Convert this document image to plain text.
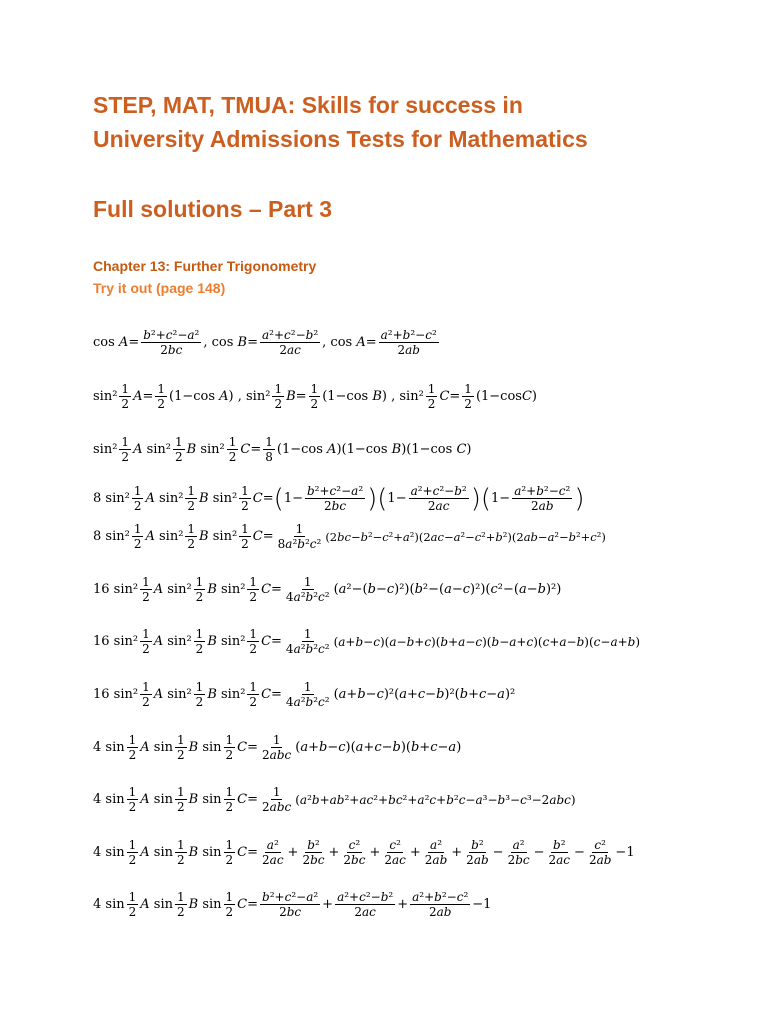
STEP, MAT, TMUA: Skills for success in
University Admissions Tests for Mathematics
Full solutions – Part 3
Chapter 13: Further Trigonometry
Try it out (page 148)
$\cos A= \frac{\text{b²+c²−a²}}{2bc}$ , $\cos B= \frac{\text{a²+c²−b²}}{2ac}$ , $\cos A= \frac{\text{a²+b²−c²}}{2ab}$
$\sin^2 \frac{1}{2} A= \frac{1}{2} (1-\cos$ A) , $\sin^2 \frac{1}{2} B= \frac{1}{2} (1-\cos$ B) , $\sin^2 \frac{1}{2} C= \frac{1}{2} (1-\cos C)$
$\sin^2 \frac{1}{2}$ A $\sin^2 \frac{1}{2}$ B $\sin^2 \frac{1}{2} C= \frac{1}{8} (1-\cos$ A)(1−cos B)(1−cos C)
8 $\sin^2 \frac{1}{2}$ A $\sin^2 \frac{1}{2}$ B $\sin^2 \frac{1}{2} C=$ ( $1- \frac{\text{b²+c²−a²}}{2bc}$ )( $1- \frac{\text{a²+c²−b²}}{2ac}$ )( $1- \frac{\text{a²+b²−c²}}{2ab}$ )
8 $\sin^2 \frac{1}{2}$ A $\sin^2 \frac{1}{2}$ B $\sin^2 \frac{1}{2} C= \frac{1}{\text{8a²b²c²}} (2bc-b^2-c^2+a^2)(2ac-a^2-c^2+b^2)(2ab-a^2-b^2+c^2)$
16 $\sin^2 \frac{1}{2}$ A $\sin^2 \frac{1}{2}$ B $\sin^2 \frac{1}{2} C= \frac{1}{\text{4a²b²c²}} (a^2-(b-c)^2)(b^2-(a-c)^2)(c^2-(a-b)^2)$
16 $\sin^2 \frac{1}{2}$ A $\sin^2 \frac{1}{2}$ B $\sin^2 \frac{1}{2} C= \frac{1}{\text{4a²b²c²}} (a+b-c)(a-b+c)(b+a-c)(b-a+c)(c+a-b)(c-a+b)$
16 $\sin^2 \frac{1}{2}$ A $\sin^2 \frac{1}{2}$ B $\sin^2 \frac{1}{2} C= \frac{1}{\text{4a²b²c²}} (a+b-c)^2(a+c-b)^2(b+c-a)^2$
4 $\sin \frac{1}{2}$ A $\sin \frac{1}{2}$ B $\sin \frac{1}{2} C= \frac{1}{\text{2abc}} (a+b-c)(a+c-b)(b+c-a)$
4 $\sin \frac{1}{2}$ A $\sin \frac{1}{2}$ B $\sin \frac{1}{2} C= \frac{1}{\text{2abc}} (a^2b+ab^2+ac^2+bc^2+a^2c+b^2c-a^3-b^3-c^3-2abc)$
4 $\sin \frac{1}{2}$ A $\sin \frac{1}{2}$ B $\sin \frac{1}{2} C= \frac{\text{a²}}{2ac} + \frac{\text{b²}}{2bc} + \frac{\text{c²}}{2bc} + \frac{\text{c²}}{2ac} + \frac{\text{a²}}{2ab} + \frac{\text{b²}}{2ab} - \frac{\text{a²}}{2bc} - \frac{\text{b²}}{2ac} - \frac{\text{c²}}{2ab} -1$
4 $\sin \frac{1}{2}$ A $\sin \frac{1}{2}$ B $\sin \frac{1}{2} C= \frac{\text{b²+c²−a²}}{2bc} + \frac{\text{a²+c²−b²}}{2ac} + \frac{\text{a²+b²−c²}}{2ab} -1$
